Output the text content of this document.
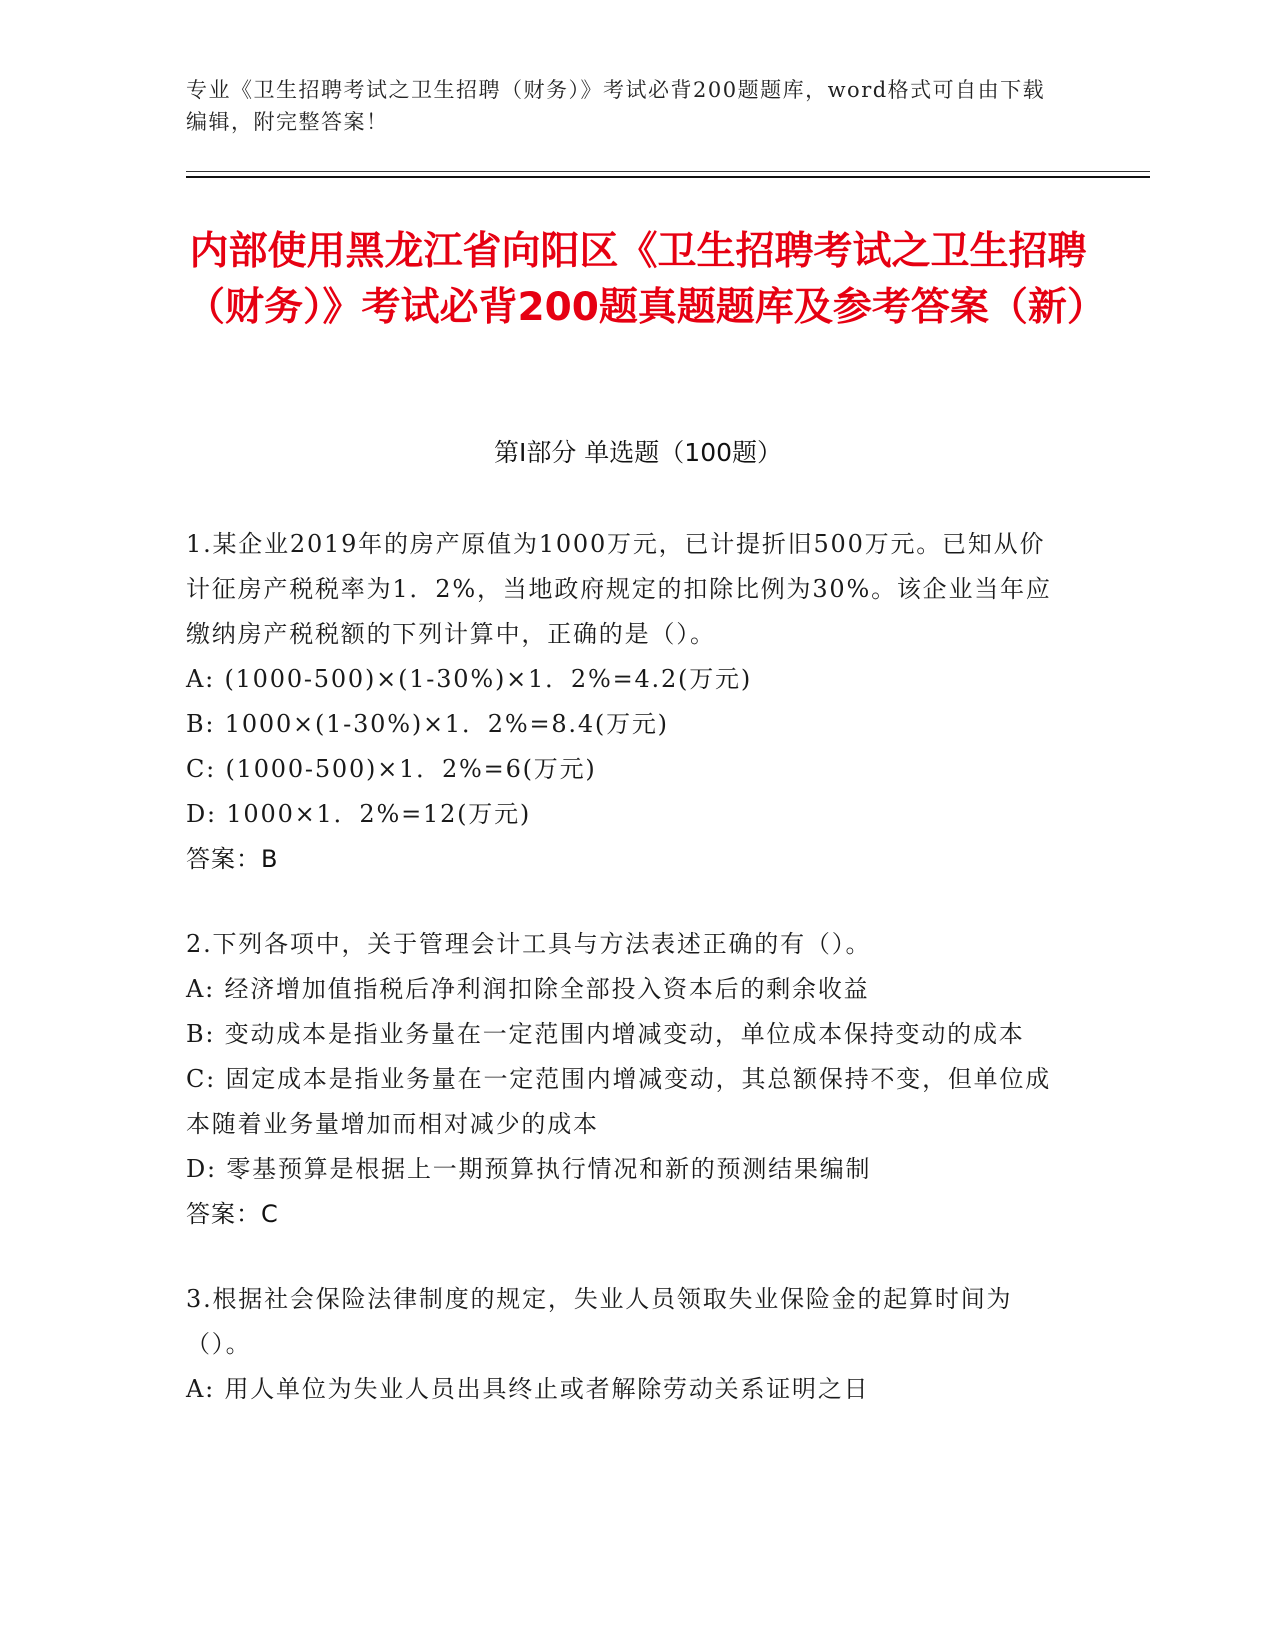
专业《卫生招聘考试之卫生招聘（财务）》考试必背200题题库，word格式可自由下载编辑，附完整答案！
内部使用黑龙江省向阳区《卫生招聘考试之卫生招聘（财务）》考试必背200题真题题库及参考答案（新）
第Ⅰ部分 单选题（100题）
1.某企业2019年的房产原值为1000万元，已计提折旧500万元。已知从价计征房产税税率为1．2%，当地政府规定的扣除比例为30%。该企业当年应缴纳房产税税额的下列计算中，正确的是（）。
A: (1000-500)×(1-30%)×1．2%=4.2(万元)
B: 1000×(1-30%)×1．2%=8.4(万元)
C: (1000-500)×1．2%=6(万元)
D: 1000×1．2%=12(万元)
答案：B
2.下列各项中，关于管理会计工具与方法表述正确的有（）。
A: 经济增加值指税后净利润扣除全部投入资本后的剩余收益
B: 变动成本是指业务量在一定范围内增减变动，单位成本保持变动的成本
C: 固定成本是指业务量在一定范围内增减变动，其总额保持不变，但单位成本随着业务量增加而相对减少的成本
D: 零基预算是根据上一期预算执行情况和新的预测结果编制
答案：C
3.根据社会保险法律制度的规定，失业人员领取失业保险金的起算时间为（）。
A: 用人单位为失业人员出具终止或者解除劳动关系证明之日
